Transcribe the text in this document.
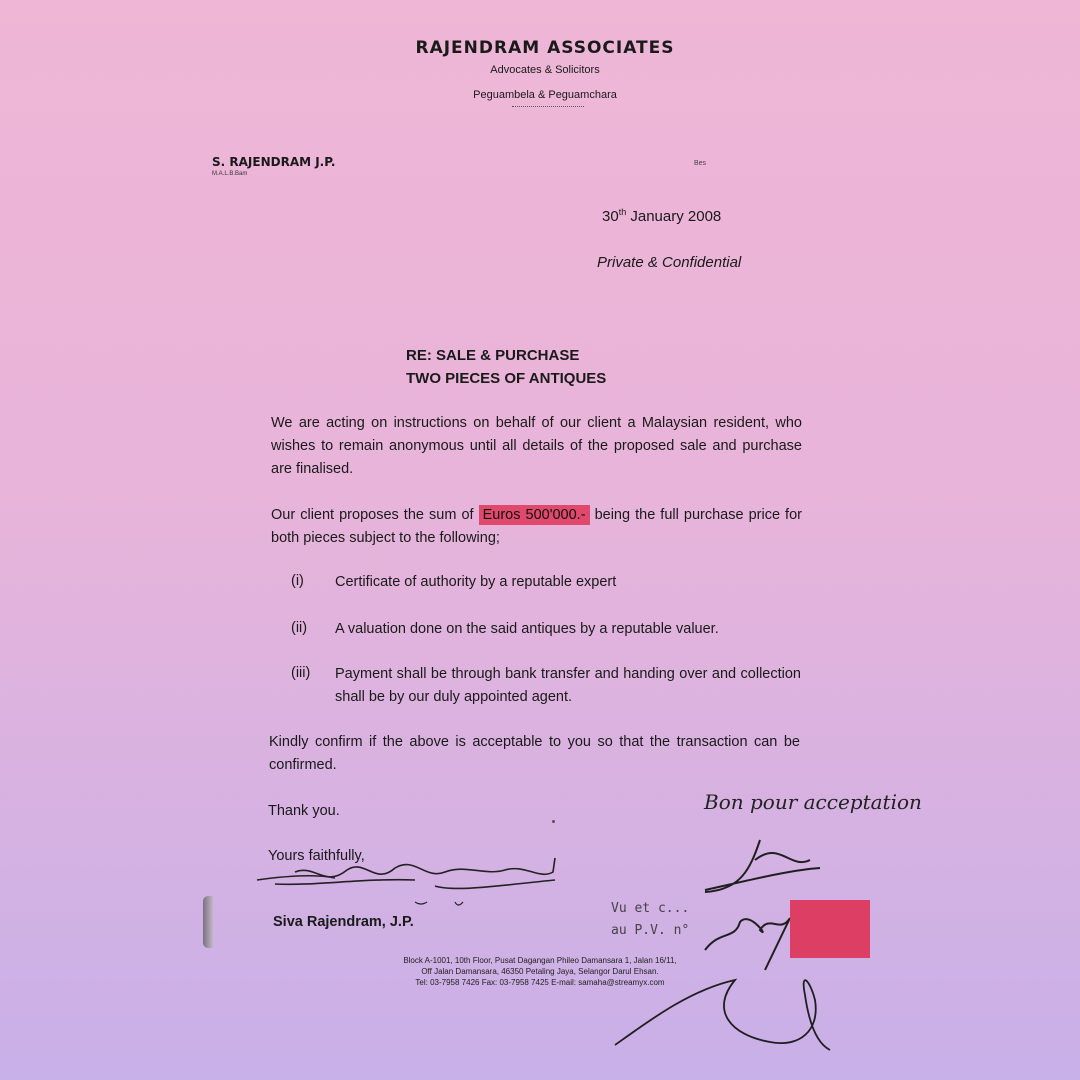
RAJENDRAM ASSOCIATES
Advocates & Solicitors
Peguambela & Peguamchara
S. RAJENDRAM J.P.
M.A.L.B.Bam
Bes
30th January 2008
Private & Confidential
RE: SALE & PURCHASE
TWO PIECES OF ANTIQUES
We are acting on instructions on behalf of our client a Malaysian resident, who wishes to remain anonymous until all details of the proposed sale and purchase are finalised.
Our client proposes the sum of Euros 500'000.- being the full purchase price for both pieces subject to the following;
(i) Certificate of authority by a reputable expert
(ii) A valuation done on the said antiques by a reputable valuer.
(iii) Payment shall be through bank transfer and handing over and collection shall be by our duly appointed agent.
Kindly confirm if the above is acceptable to you so that the transaction can be confirmed.
Thank you.
Yours faithfully,
Bon pour acceptation
Siva Rajendram, J.P.
Vu et c...
au P.V. n°
Block A-1001, 10th Floor, Pusat Dagangan Phileo Damansara 1, Jalan 16/11,
Off Jalan Damansara, 46350 Petaling Jaya, Selangor Darul Ehsan.
Tel: 03-7958 7426 Fax: 03-7958 7425 E-mail: samaha@streamyx.com
